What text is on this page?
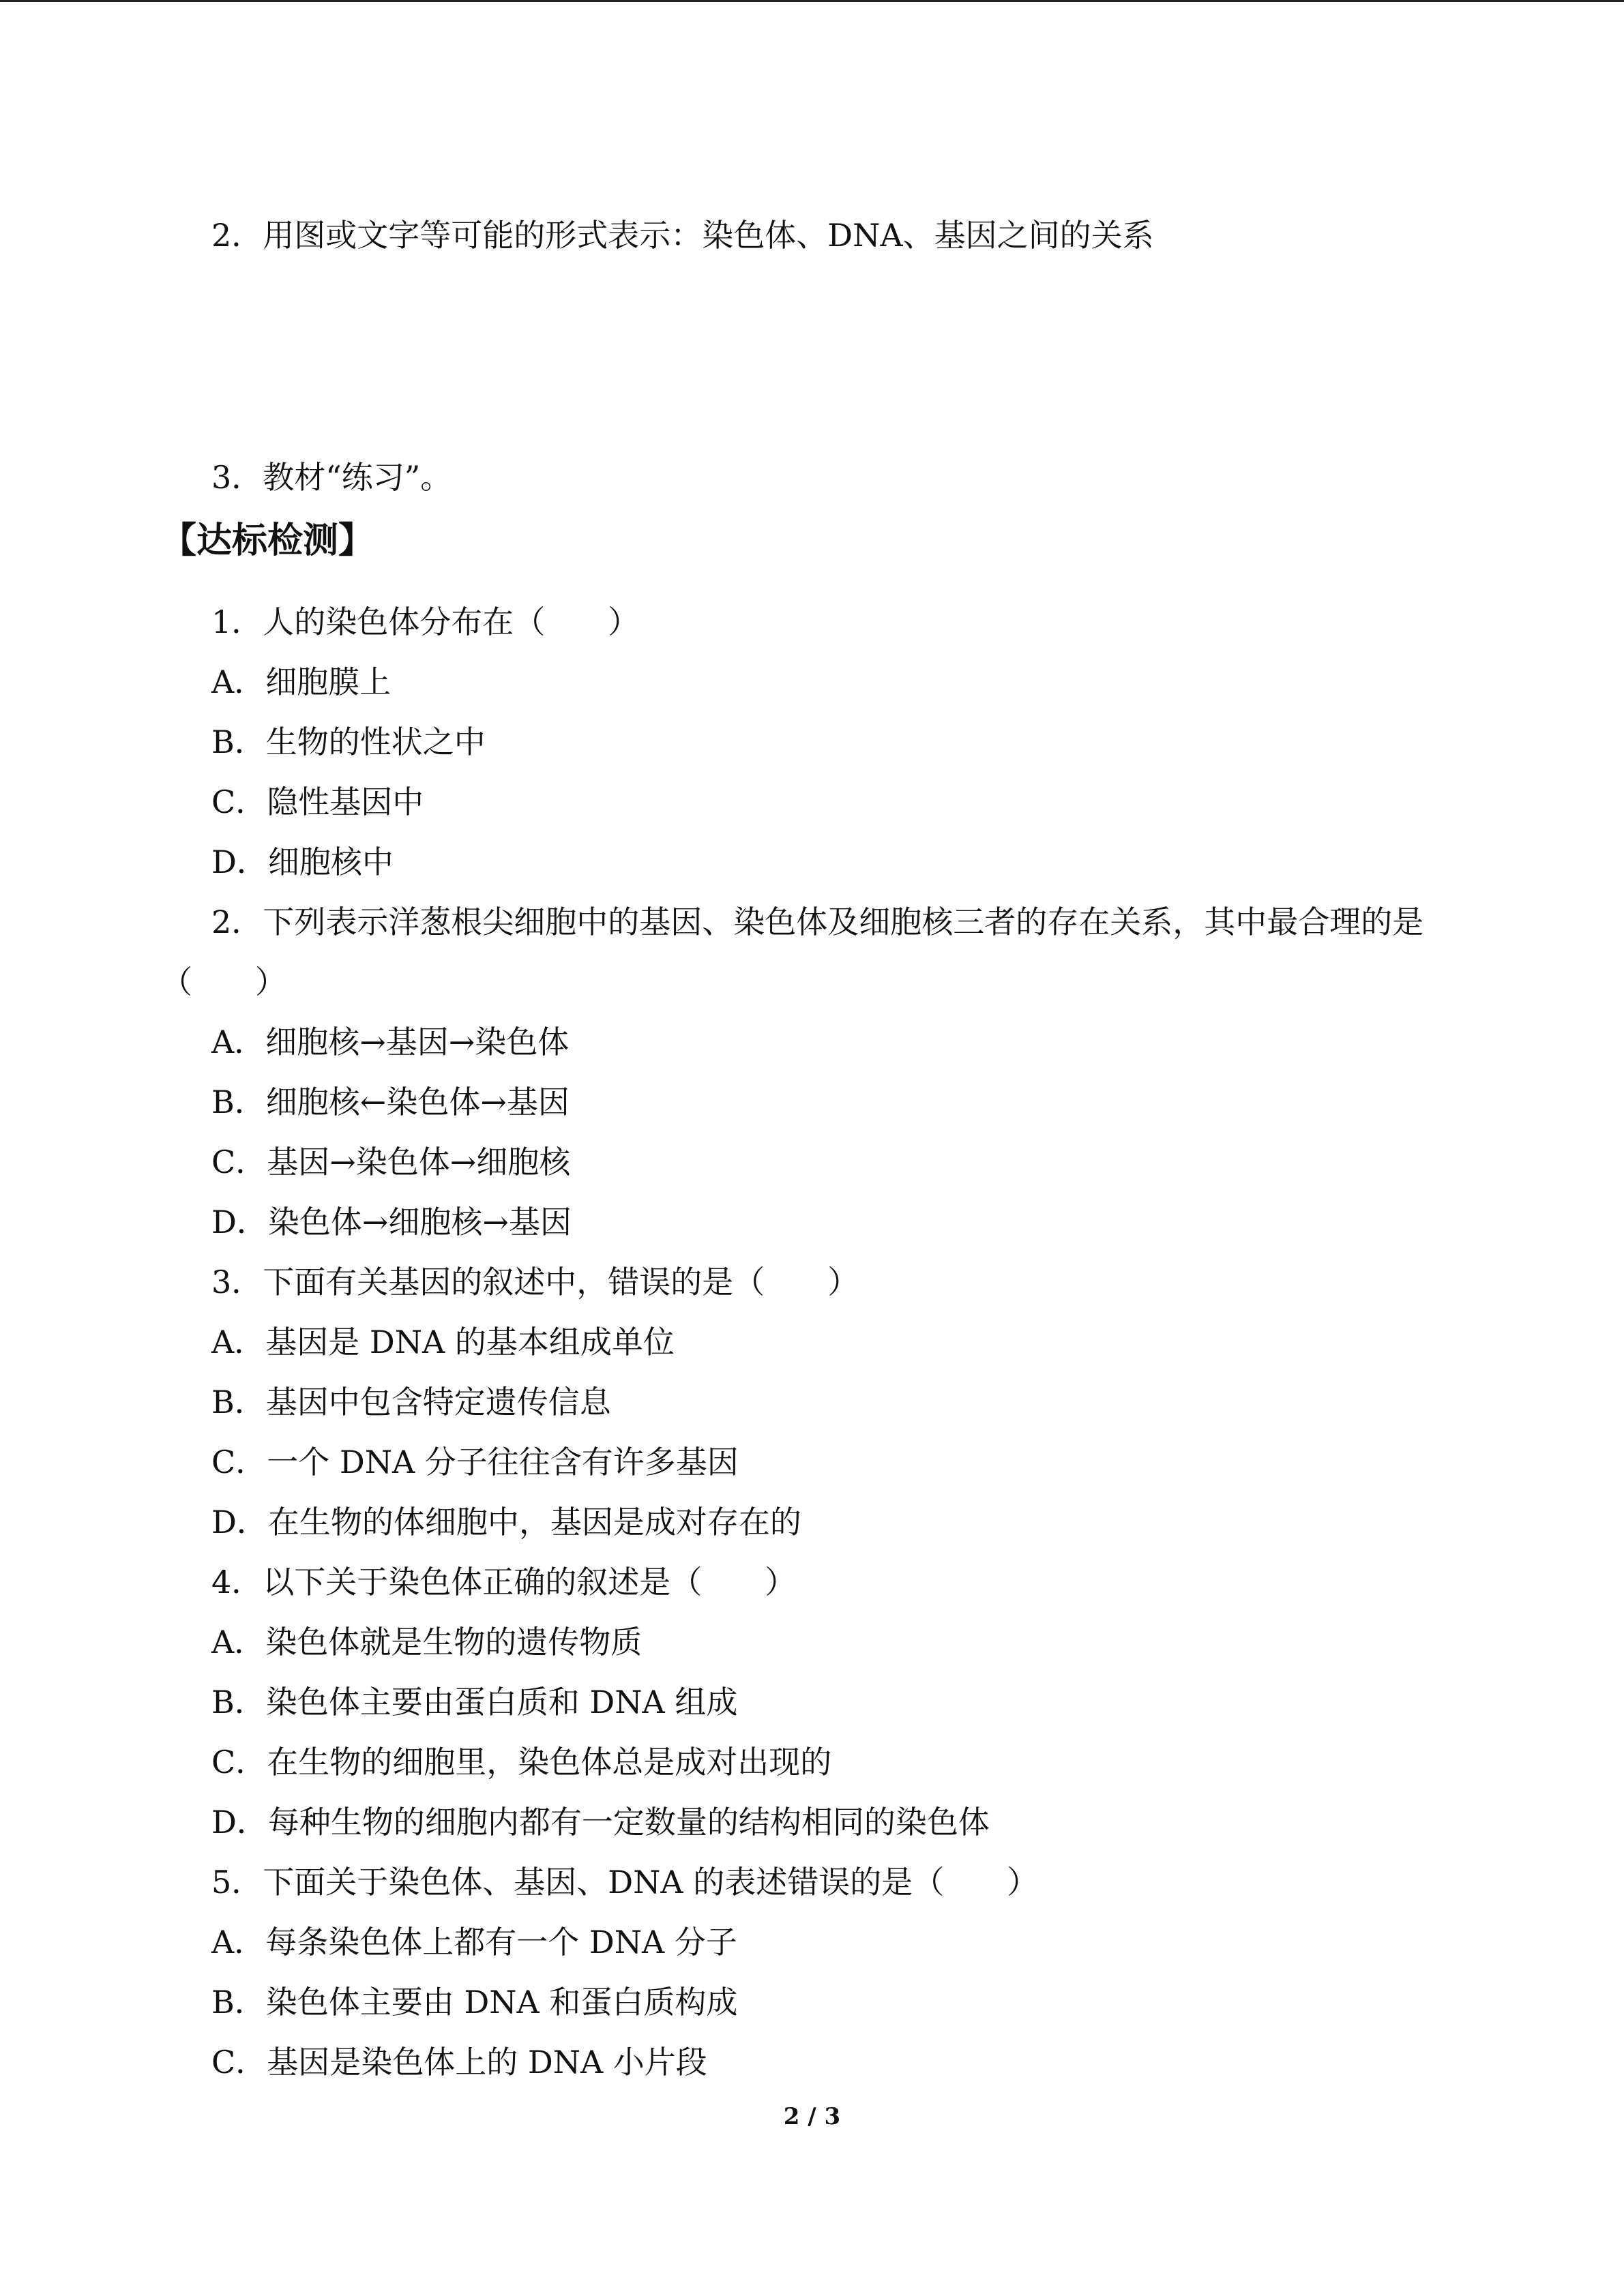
2．用图或文字等可能的形式表示：染色体、DNA、基因之间的关系
3．教材“练习”。
【达标检测】
1．人的染色体分布在（　　）
A．细胞膜上
B．生物的性状之中
C．隐性基因中
D．细胞核中
2．下列表示洋葱根尖细胞中的基因、染色体及细胞核三者的存在关系，其中最合理的是
（　　）
A．细胞核→基因→染色体
B．细胞核←染色体→基因
C．基因→染色体→细胞核
D．染色体→细胞核→基因
3．下面有关基因的叙述中，错误的是（　　）
A．基因是 DNA 的基本组成单位
B．基因中包含特定遗传信息
C．一个 DNA 分子往往含有许多基因
D．在生物的体细胞中，基因是成对存在的
4．以下关于染色体正确的叙述是（　　）
A．染色体就是生物的遗传物质
B．染色体主要由蛋白质和 DNA 组成
C．在生物的细胞里，染色体总是成对出现的
D．每种生物的细胞内都有一定数量的结构相同的染色体
5．下面关于染色体、基因、DNA 的表述错误的是（　　）
A．每条染色体上都有一个 DNA 分子
B．染色体主要由 DNA 和蛋白质构成
C．基因是染色体上的 DNA 小片段
2 / 3
